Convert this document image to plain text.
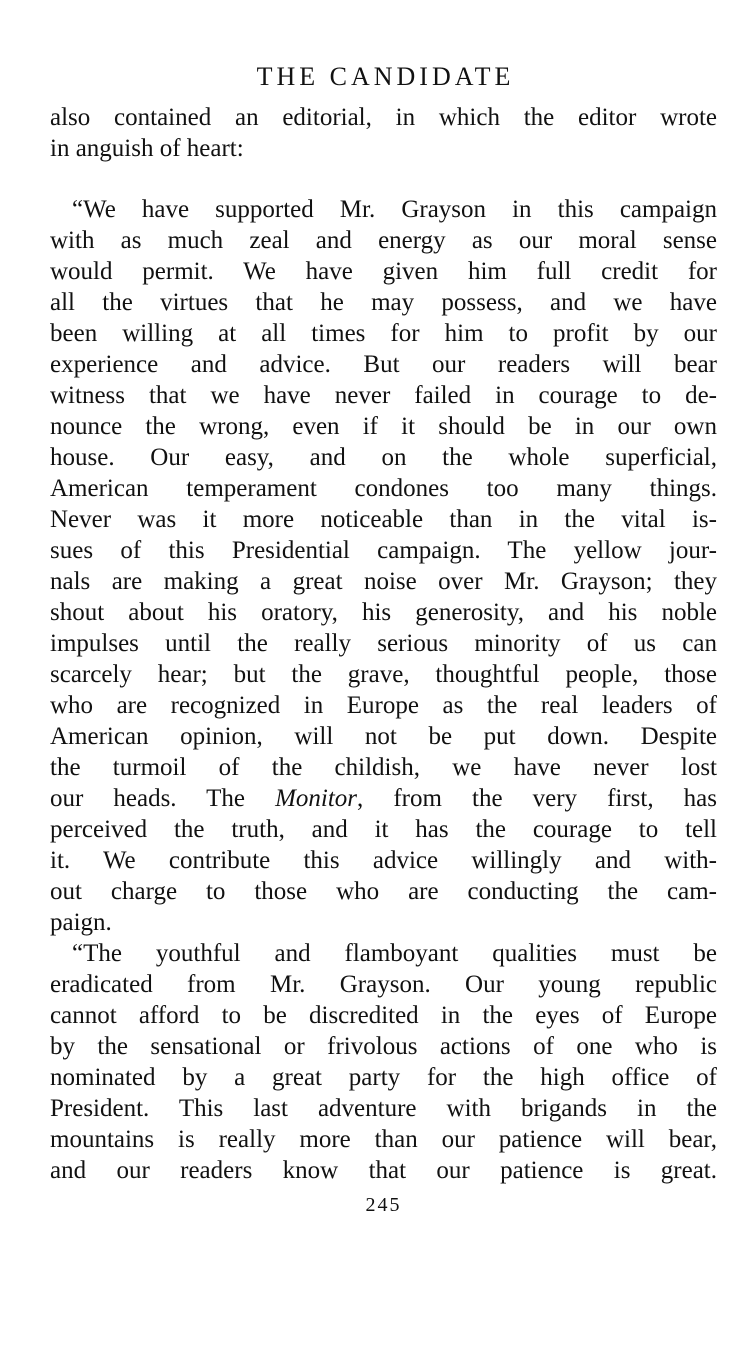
THE CANDIDATE
also contained an editorial, in which the editor wrote
in anguish of heart:
“We have supported Mr. Grayson in this campaign
with as much zeal and energy as our moral sense
would permit. We have given him full credit for
all the virtues that he may possess, and we have
been willing at all times for him to profit by our
experience and advice. But our readers will bear
witness that we have never failed in courage to de-
nounce the wrong, even if it should be in our own
house. Our easy, and on the whole superficial,
American temperament condones too many things.
Never was it more noticeable than in the vital is-
sues of this Presidential campaign. The yellow jour-
nals are making a great noise over Mr. Grayson; they
shout about his oratory, his generosity, and his noble
impulses until the really serious minority of us can
scarcely hear; but the grave, thoughtful people, those
who are recognized in Europe as the real leaders of
American opinion, will not be put down. Despite
the turmoil of the childish, we have never lost
our heads. The Monitor, from the very first, has
perceived the truth, and it has the courage to tell
it. We contribute this advice willingly and with-
out charge to those who are conducting the cam-
paign.
“The youthful and flamboyant qualities must be
eradicated from Mr. Grayson. Our young republic
cannot afford to be discredited in the eyes of Europe
by the sensational or frivolous actions of one who is
nominated by a great party for the high office of
President. This last adventure with brigands in the
mountains is really more than our patience will bear,
and our readers know that our patience is great.
245
